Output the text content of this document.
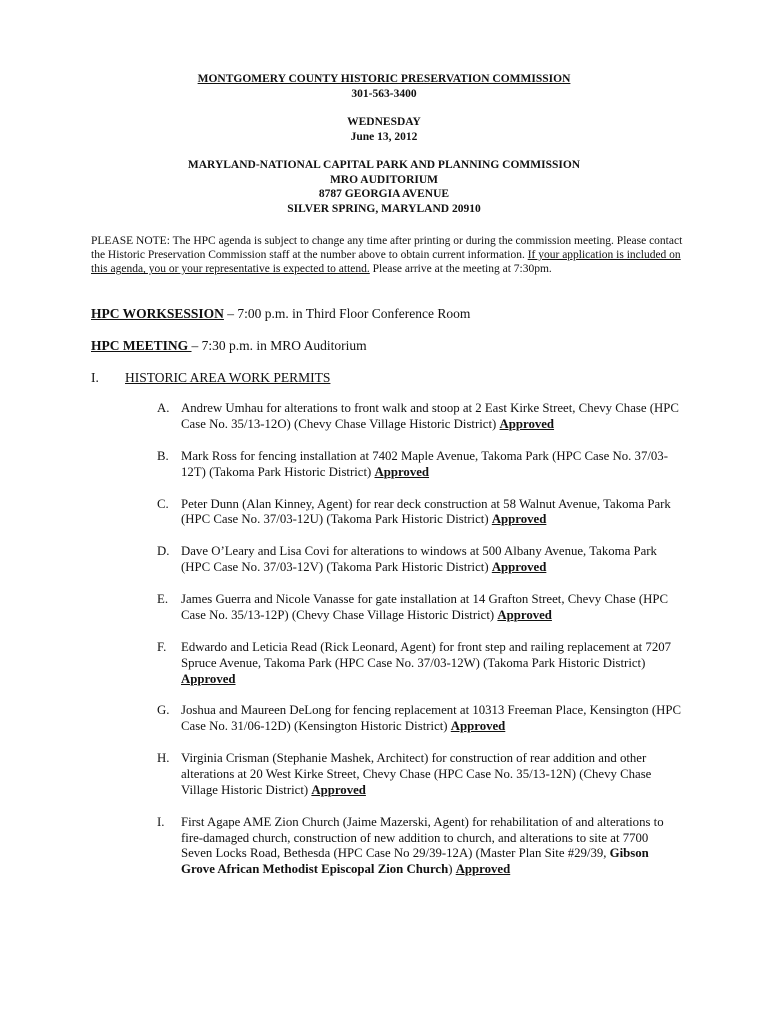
MONTGOMERY COUNTY HISTORIC PRESERVATION COMMISSION
301-563-3400
WEDNESDAY
June 13, 2012
MARYLAND-NATIONAL CAPITAL PARK AND PLANNING COMMISSION
MRO AUDITORIUM
8787 GEORGIA AVENUE
SILVER SPRING, MARYLAND 20910
PLEASE NOTE: The HPC agenda is subject to change any time after printing or during the commission meeting. Please contact the Historic Preservation Commission staff at the number above to obtain current information. If your application is included on this agenda, you or your representative is expected to attend. Please arrive at the meeting at 7:30pm.
HPC WORKSESSION – 7:00 p.m. in Third Floor Conference Room
HPC MEETING – 7:30 p.m. in MRO Auditorium
I. HISTORIC AREA WORK PERMITS
A. Andrew Umhau for alterations to front walk and stoop at 2 East Kirke Street, Chevy Chase (HPC Case No. 35/13-12O) (Chevy Chase Village Historic District) Approved
B. Mark Ross for fencing installation at 7402 Maple Avenue, Takoma Park (HPC Case No. 37/03-12T) (Takoma Park Historic District) Approved
C. Peter Dunn (Alan Kinney, Agent) for rear deck construction at 58 Walnut Avenue, Takoma Park (HPC Case No. 37/03-12U) (Takoma Park Historic District) Approved
D. Dave O’Leary and Lisa Covi for alterations to windows at 500 Albany Avenue, Takoma Park (HPC Case No. 37/03-12V) (Takoma Park Historic District) Approved
E. James Guerra and Nicole Vanasse for gate installation at 14 Grafton Street, Chevy Chase (HPC Case No. 35/13-12P) (Chevy Chase Village Historic District) Approved
F. Edwardo and Leticia Read (Rick Leonard, Agent) for front step and railing replacement at 7207 Spruce Avenue, Takoma Park (HPC Case No. 37/03-12W) (Takoma Park Historic District) Approved
G. Joshua and Maureen DeLong for fencing replacement at 10313 Freeman Place, Kensington (HPC Case No. 31/06-12D) (Kensington Historic District) Approved
H. Virginia Crisman (Stephanie Mashek, Architect) for construction of rear addition and other alterations at 20 West Kirke Street, Chevy Chase (HPC Case No. 35/13-12N) (Chevy Chase Village Historic District) Approved
I. First Agape AME Zion Church (Jaime Mazerski, Agent) for rehabilitation of and alterations to fire-damaged church, construction of new addition to church, and alterations to site at 7700 Seven Locks Road, Bethesda (HPC Case No 29/39-12A) (Master Plan Site #29/39, Gibson Grove African Methodist Episcopal Zion Church) Approved
